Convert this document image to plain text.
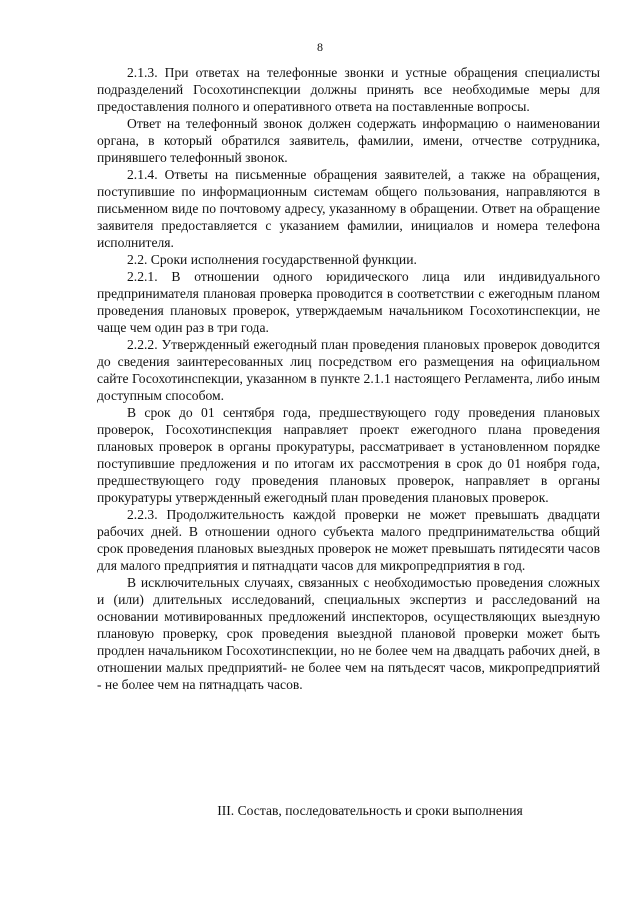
8

2.1.3. При ответах на телефонные звонки и устные обращения специалисты подразделений Госохотинспекции должны принять все необходимые меры для предоставления полного и оперативного ответа на поставленные вопросы.

Ответ на телефонный звонок должен содержать информацию о наименовании органа, в который обратился заявитель, фамилии, имени, отчестве сотрудника, принявшего телефонный звонок.

2.1.4. Ответы на письменные обращения заявителей, а также на обращения, поступившие по информационным системам общего пользования, направляются в письменном виде по почтовому адресу, указанному в обращении. Ответ на обращение заявителя предоставляется с указанием фамилии, инициалов и номера телефона исполнителя.

2.2. Сроки исполнения государственной функции.

2.2.1. В отношении одного юридического лица или индивидуального предпринимателя плановая проверка проводится в соответствии с ежегодным планом проведения плановых проверок, утверждаемым начальником Госохотинспекции, не чаще чем один раз в три года.

2.2.2. Утвержденный ежегодный план проведения плановых проверок доводится до сведения заинтересованных лиц посредством его размещения на официальном сайте Госохотинспекции, указанном в пункте 2.1.1 настоящего Регламента, либо иным доступным способом.

В срок до 01 сентября года, предшествующего году проведения плановых проверок, Госохотинспекция направляет проект ежегодного плана проведения плановых проверок в органы прокуратуры, рассматривает в установленном порядке поступившие предложения и по итогам их рассмотрения в срок до 01 ноября года, предшествующего году проведения плановых проверок, направляет в органы прокуратуры утвержденный ежегодный план проведения плановых проверок.

2.2.3. Продолжительность каждой проверки не может превышать двадцати рабочих дней. В отношении одного субъекта малого предпринимательства общий срок проведения плановых выездных проверок не может превышать пятидесяти часов для малого предприятия и пятнадцати часов для микропредприятия в год.

В исключительных случаях, связанных с необходимостью проведения сложных и (или) длительных исследований, специальных экспертиз и расследований на основании мотивированных предложений инспекторов, осуществляющих выездную плановую проверку, срок проведения выездной плановой проверки может быть продлен начальником Госохотинспекции, но не более чем на двадцать рабочих дней, в отношении малых предприятий- не более чем на пятьдесят часов, микропредприятий - не более чем на пятнадцать часов.

III. Состав, последовательность и сроки выполнения
